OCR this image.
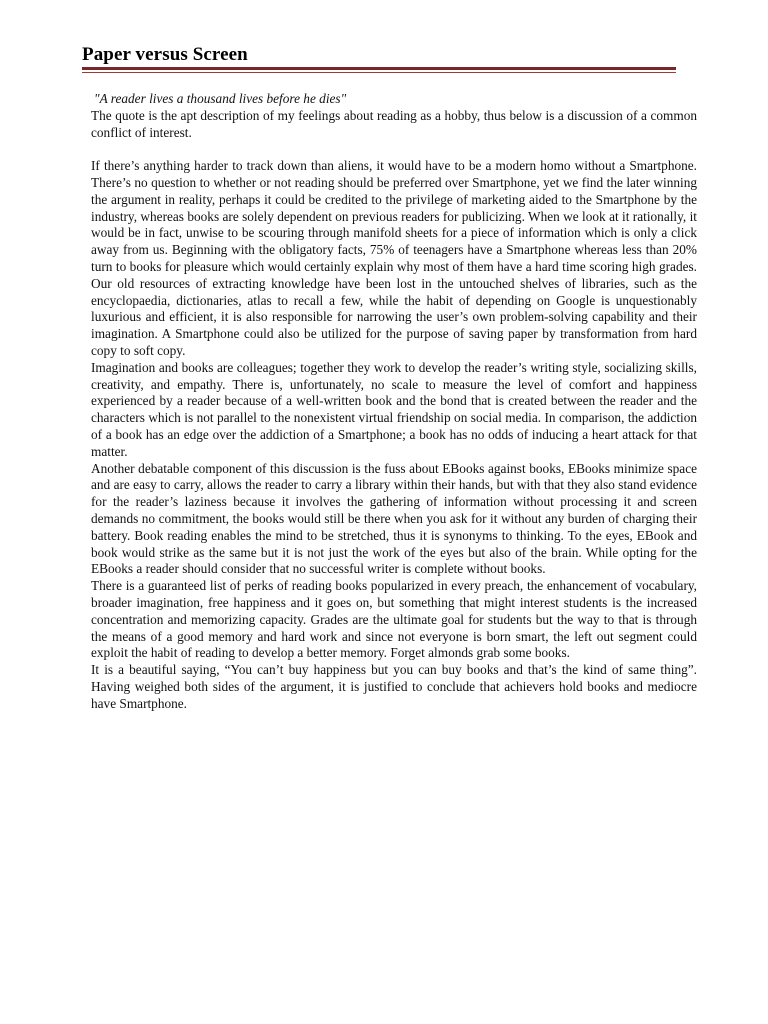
Paper versus Screen

"A reader lives a thousand lives before he dies"

The quote is the apt description of my feelings about reading as a hobby, thus below is a discussion of a common conflict of interest.

If there’s anything harder to track down than aliens, it would have to be a modern homo without a Smartphone. There’s no question to whether or not reading should be preferred over Smartphone, yet we find the later winning the argument in reality, perhaps it could be credited to the privilege of marketing aided to the Smartphone by the industry, whereas books are solely dependent on previous readers for publicizing. When we look at it rationally, it would be in fact, unwise to be scouring through manifold sheets for a piece of information which is only a click away from us. Beginning with the obligatory facts, 75% of teenagers have a Smartphone whereas less than 20% turn to books for pleasure which would certainly explain why most of them have a hard time scoring high grades. Our old resources of extracting knowledge have been lost in the untouched shelves of libraries, such as the encyclopaedia, dictionaries, atlas to recall a few, while the habit of depending on Google is unquestionably luxurious and efficient, it is also responsible for narrowing the user’s own problem-solving capability and their imagination. A Smartphone could also be utilized for the purpose of saving paper by transformation from hard copy to soft copy.

Imagination and books are colleagues; together they work to develop the reader’s writing style, socializing skills, creativity, and empathy. There is, unfortunately, no scale to measure the level of comfort and happiness experienced by a reader because of a well-written book and the bond that is created between the reader and the characters which is not parallel to the nonexistent virtual friendship on social media. In comparison, the addiction of a book has an edge over the addiction of a Smartphone; a book has no odds of inducing a heart attack for that matter.

Another debatable component of this discussion is the fuss about EBooks against books, EBooks minimize space and are easy to carry, allows the reader to carry a library within their hands, but with that they also stand evidence for the reader’s laziness because it involves the gathering of information without processing it and screen demands no commitment, the books would still be there when you ask for it without any burden of charging their battery. Book reading enables the mind to be stretched, thus it is synonyms to thinking. To the eyes, EBook and book would strike as the same but it is not just the work of the eyes but also of the brain. While opting for the EBooks a reader should consider that no successful writer is complete without books.

There is a guaranteed list of perks of reading books popularized in every preach, the enhancement of vocabulary, broader imagination, free happiness and it goes on, but something that might interest students is the increased concentration and memorizing capacity. Grades are the ultimate goal for students but the way to that is through the means of a good memory and hard work and since not everyone is born smart, the left out segment could exploit the habit of reading to develop a better memory. Forget almonds grab some books.

It is a beautiful saying, “You can’t buy happiness but you can buy books and that’s the kind of same thing”. Having weighed both sides of the argument, it is justified to conclude that achievers hold books and mediocre have Smartphone.
